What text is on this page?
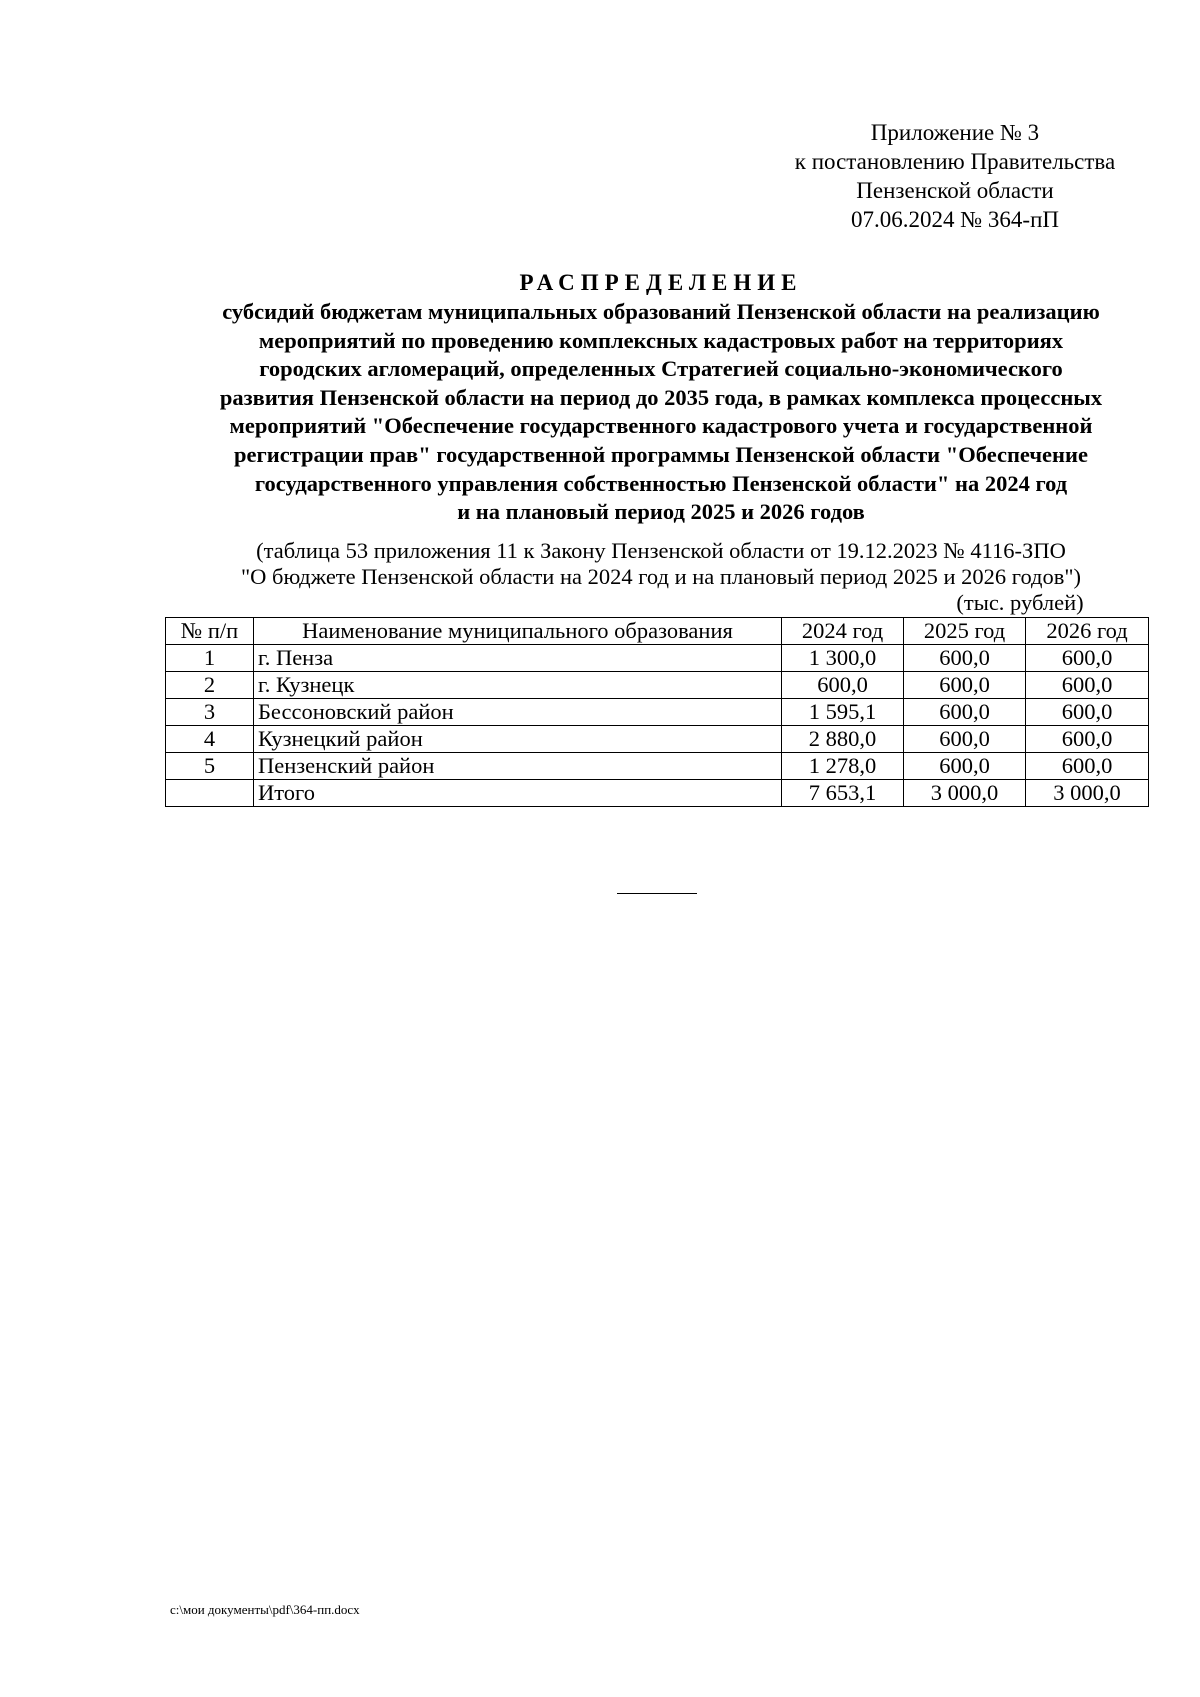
Приложение № 3
к постановлению Правительства
Пензенской области
07.06.2024 № 364-пП
РАСПРЕДЕЛЕНИЕ
субсидий бюджетам муниципальных образований Пензенской области на реализацию
мероприятий по проведению комплексных кадастровых работ на территориях
городских агломераций, определенных Стратегией социально-экономического
развития Пензенской области на период до 2035 года, в рамках комплекса процессных
мероприятий "Обеспечение государственного кадастрового учета и государственной
регистрации прав" государственной программы Пензенской области "Обеспечение
государственного управления собственностью Пензенской области" на 2024 год
и на плановый период 2025 и 2026 годов
(таблица 53 приложения 11 к Закону Пензенской области от 19.12.2023 № 4116-ЗПО
"О бюджете Пензенской области на 2024 год и на плановый период 2025 и 2026 годов")
(тыс. рублей)
№ п/п	Наименование муниципального образования	2024 год	2025 год	2026 год
1	г. Пенза	1 300,0	600,0	600,0
2	г. Кузнецк	600,0	600,0	600,0
3	Бессоновский район	1 595,1	600,0	600,0
4	Кузнецкий район	2 880,0	600,0	600,0
5	Пензенский район	1 278,0	600,0	600,0
	Итого	7 653,1	3 000,0	3 000,0
c:\мои документы\pdf\364-пп.docx
